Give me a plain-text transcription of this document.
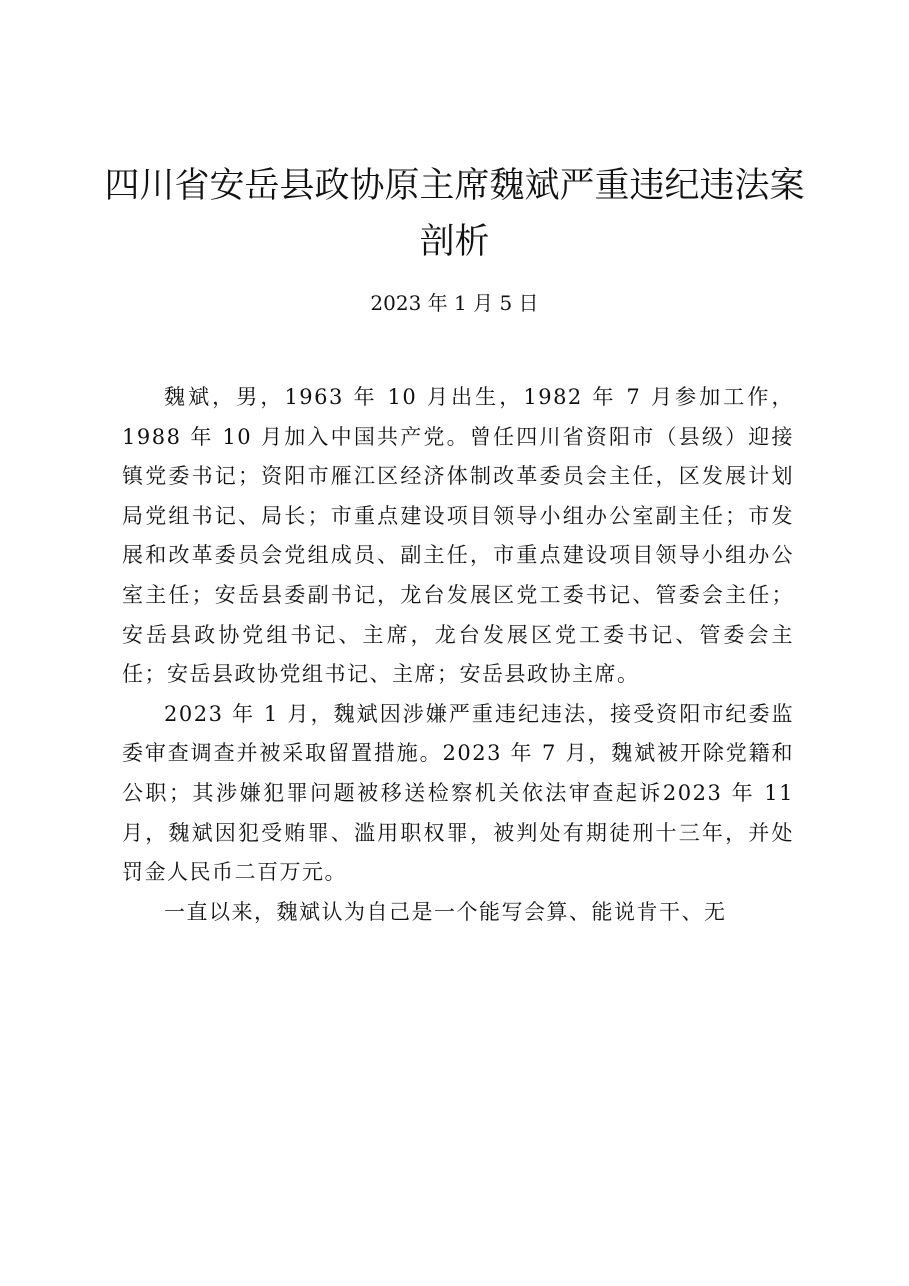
四川省安岳县政协原主席魏斌严重违纪违法案剖析
2023 年 1 月 5 日

魏斌，男，1963 年 10 月出生，1982 年 7 月参加工作，1988 年 10 月加入中国共产党。曾任四川省资阳市（县级）迎接镇党委书记；资阳市雁江区经济体制改革委员会主任，区发展计划局党组书记、局长；市重点建设项目领导小组办公室副主任；市发展和改革委员会党组成员、副主任，市重点建设项目领导小组办公室主任；安岳县委副书记，龙台发展区党工委书记、管委会主任；安岳县政协党组书记、主席，龙台发展区党工委书记、管委会主任；安岳县政协党组书记、主席；安岳县政协主席。

2023 年 1 月，魏斌因涉嫌严重违纪违法，接受资阳市纪委监委审查调查并被采取留置措施。2023 年 7 月，魏斌被开除党籍和公职；其涉嫌犯罪问题被移送检察机关依法审查起诉2023 年 11 月，魏斌因犯受贿罪、滥用职权罪，被判处有期徒刑十三年，并处罚金人民币二百万元。

一直以来，魏斌认为自己是一个能写会算、能说肯干、无
